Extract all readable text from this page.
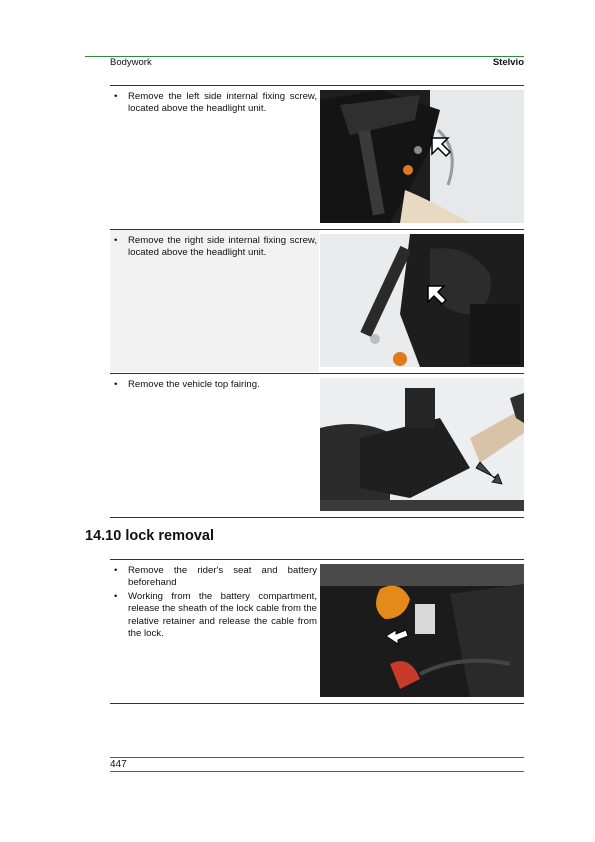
Bodywork	Stelvio
• Remove the left side internal fixing screw, located above the headlight unit.
• Remove the right side internal fixing screw, located above the headlight unit.
• Remove the vehicle top fairing.
14.10 lock removal
• Remove the rider's seat and battery beforehand
• Working from the battery compartment, release the sheath of the lock cable from the relative retainer and release the cable from the lock.
447
